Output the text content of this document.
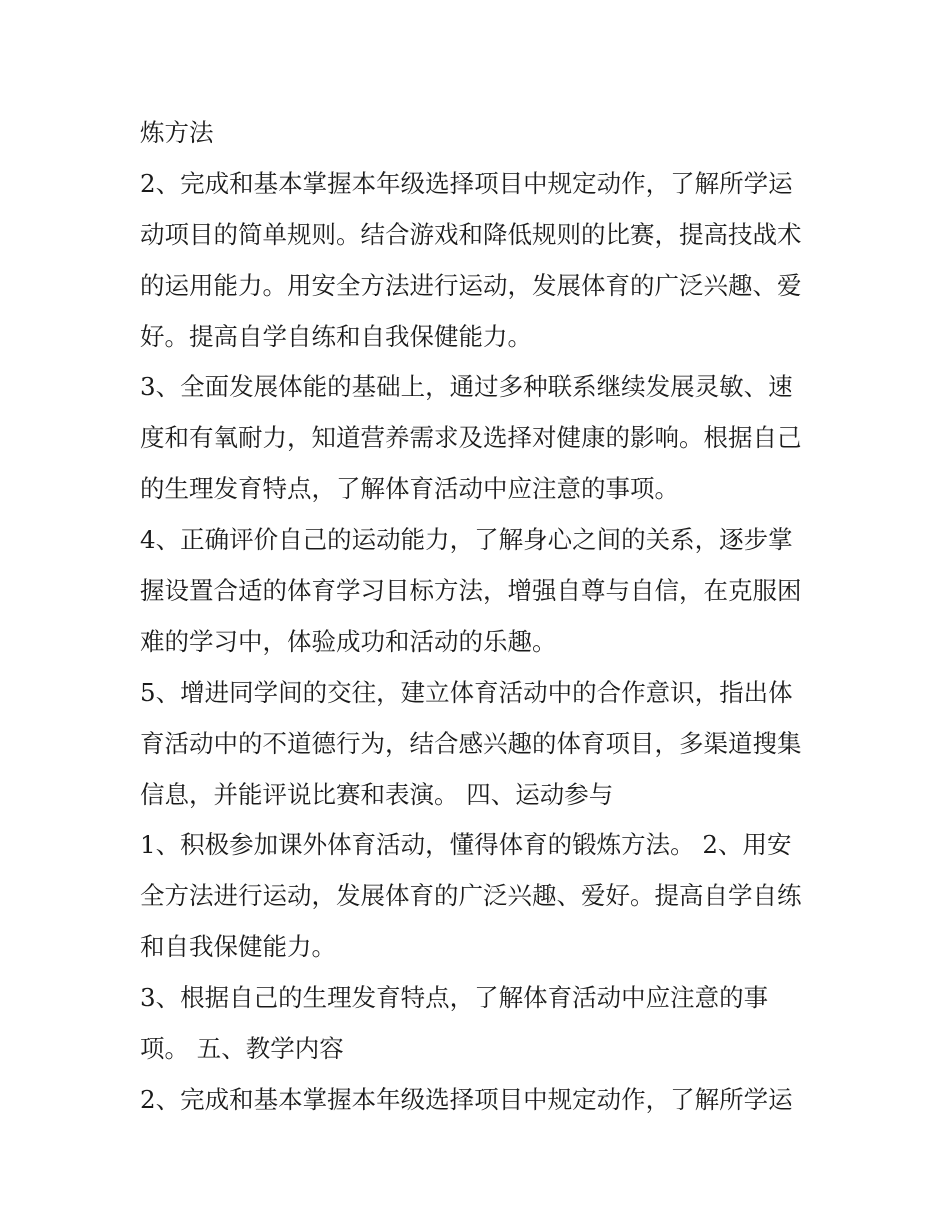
炼方法
2、完成和基本掌握本年级选择项目中规定动作，了解所学运
动项目的简单规则。结合游戏和降低规则的比赛，提高技战术
的运用能力。用安全方法进行运动，发展体育的广泛兴趣、爱
好。提高自学自练和自我保健能力。
3、全面发展体能的基础上，通过多种联系继续发展灵敏、速
度和有氧耐力，知道营养需求及选择对健康的影响。根据自己
的生理发育特点，了解体育活动中应注意的事项。
4、正确评价自己的运动能力，了解身心之间的关系，逐步掌
握设置合适的体育学习目标方法，增强自尊与自信，在克服困
难的学习中，体验成功和活动的乐趣。
5、增进同学间的交往，建立体育活动中的合作意识，指出体
育活动中的不道德行为，结合感兴趣的体育项目，多渠道搜集
信息，并能评说比赛和表演。 四、运动参与
1、积极参加课外体育活动，懂得体育的锻炼方法。 2、用安
全方法进行运动，发展体育的广泛兴趣、爱好。提高自学自练
和自我保健能力。
3、根据自己的生理发育特点，了解体育活动中应注意的事
项。 五、教学内容
2、完成和基本掌握本年级选择项目中规定动作，了解所学运
